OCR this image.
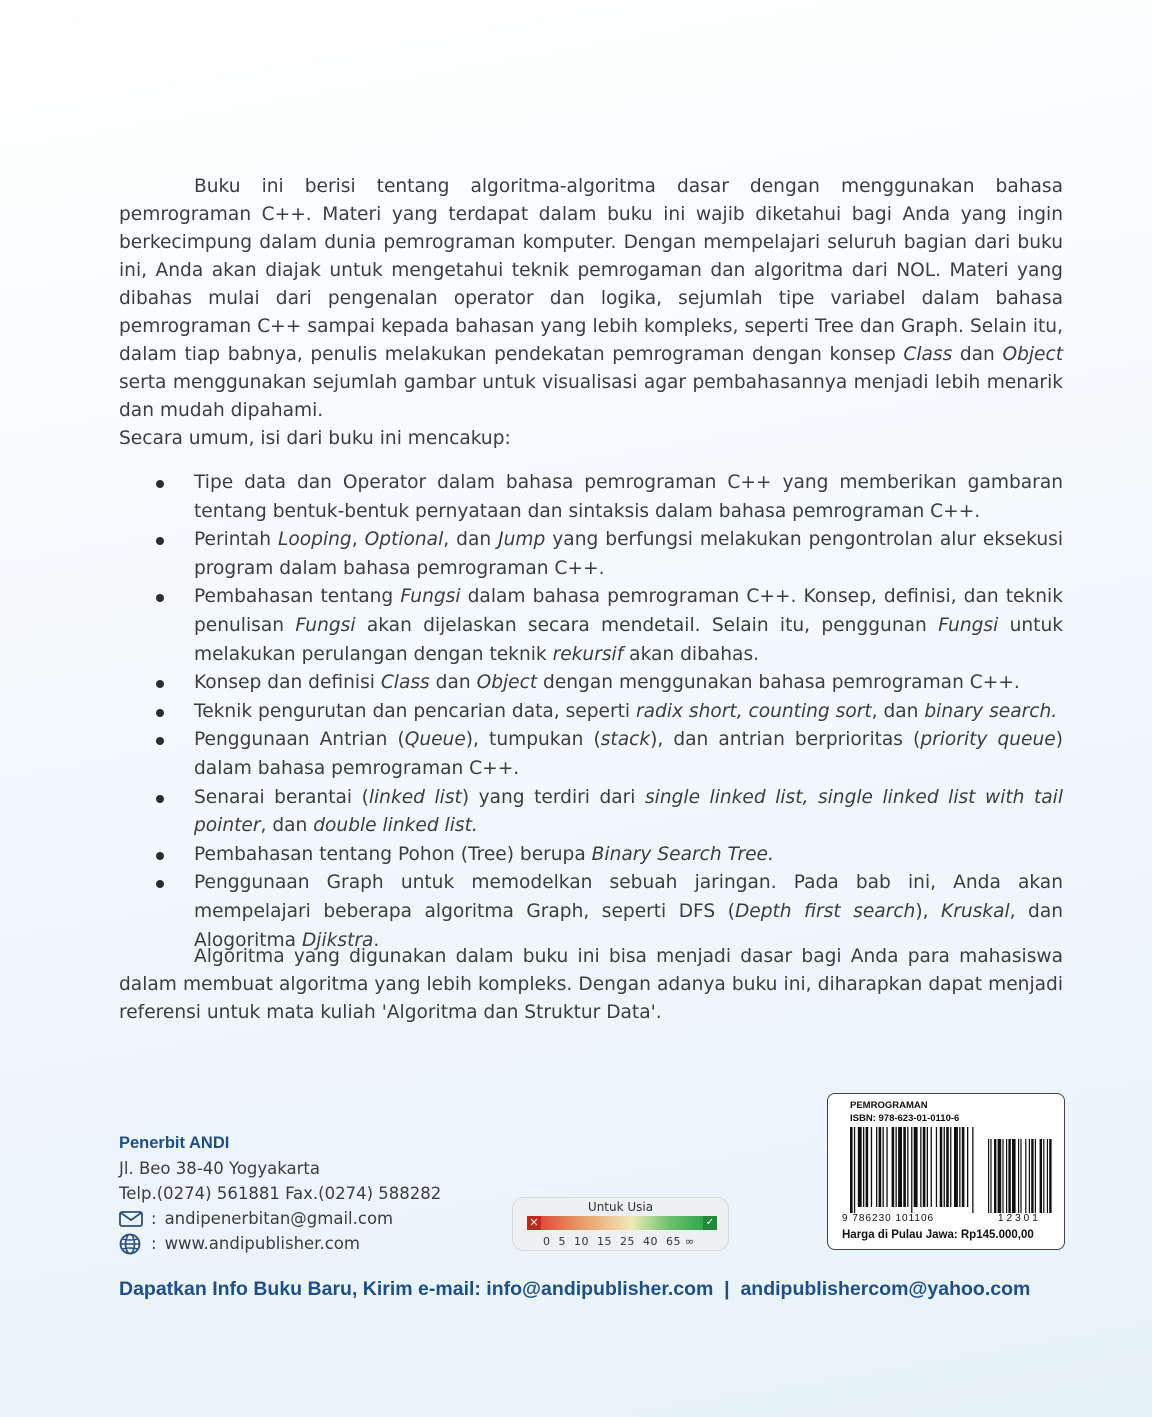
Buku ini berisi tentang algoritma-algoritma dasar dengan menggunakan bahasa pemrograman C++. Materi yang terdapat dalam buku ini wajib diketahui bagi Anda yang ingin berkecimpung dalam dunia pemrograman komputer. Dengan mempelajari seluruh bagian dari buku ini, Anda akan diajak untuk mengetahui teknik pemrogaman dan algoritma dari NOL. Materi yang dibahas mulai dari pengenalan operator dan logika, sejumlah tipe variabel dalam bahasa pemrograman C++ sampai kepada bahasan yang lebih kompleks, seperti Tree dan Graph. Selain itu, dalam tiap babnya, penulis melakukan pendekatan pemrograman dengan konsep Class dan Object serta menggunakan sejumlah gambar untuk visualisasi agar pembahasannya menjadi lebih menarik dan mudah dipahami.

Secara umum, isi dari buku ini mencakup:

Tipe data dan Operator dalam bahasa pemrograman C++ yang memberikan gambaran tentang bentuk-bentuk pernyataan dan sintaksis dalam bahasa pemrograman C++.
Perintah Looping, Optional, dan Jump yang berfungsi melakukan pengontrolan alur eksekusi program dalam bahasa pemrograman C++.
Pembahasan tentang Fungsi dalam bahasa pemrograman C++. Konsep, definisi, dan teknik penulisan Fungsi akan dijelaskan secara mendetail. Selain itu, penggunan Fungsi untuk melakukan perulangan dengan teknik rekursif akan dibahas.
Konsep dan definisi Class dan Object dengan menggunakan bahasa pemrograman C++.
Teknik pengurutan dan pencarian data, seperti radix short, counting sort, dan binary search.
Penggunaan Antrian (Queue), tumpukan (stack), dan antrian berprioritas (priority queue) dalam bahasa pemrograman C++.
Senarai berantai (linked list) yang terdiri dari single linked list, single linked list with tail pointer, dan double linked list.
Pembahasan tentang Pohon (Tree) berupa Binary Search Tree.
Penggunaan Graph untuk memodelkan sebuah jaringan. Pada bab ini, Anda akan mempelajari beberapa algoritma Graph, seperti DFS (Depth first search), Kruskal, dan Alogoritma Djikstra.

Algoritma yang digunakan dalam buku ini bisa menjadi dasar bagi Anda para mahasiswa dalam membuat algoritma yang lebih kompleks. Dengan adanya buku ini, diharapkan dapat menjadi referensi untuk mata kuliah 'Algoritma dan Struktur Data'.

Penerbit ANDI
Jl. Beo 38-40 Yogyakarta
Telp.(0274) 561881 Fax.(0274) 588282
: andipenerbitan@gmail.com
: www.andipublisher.com
Untuk Usia
✕	✓
0  5  10  15  25  40  65 ∞
PEMROGRAMAN
ISBN: 978-623-01-0110-6
9 786230 101106	12301
Harga di Pulau Jawa: Rp145.000,00
Dapatkan Info Buku Baru, Kirim e-mail: info@andipublisher.com  |  andipublishercom@yahoo.com
